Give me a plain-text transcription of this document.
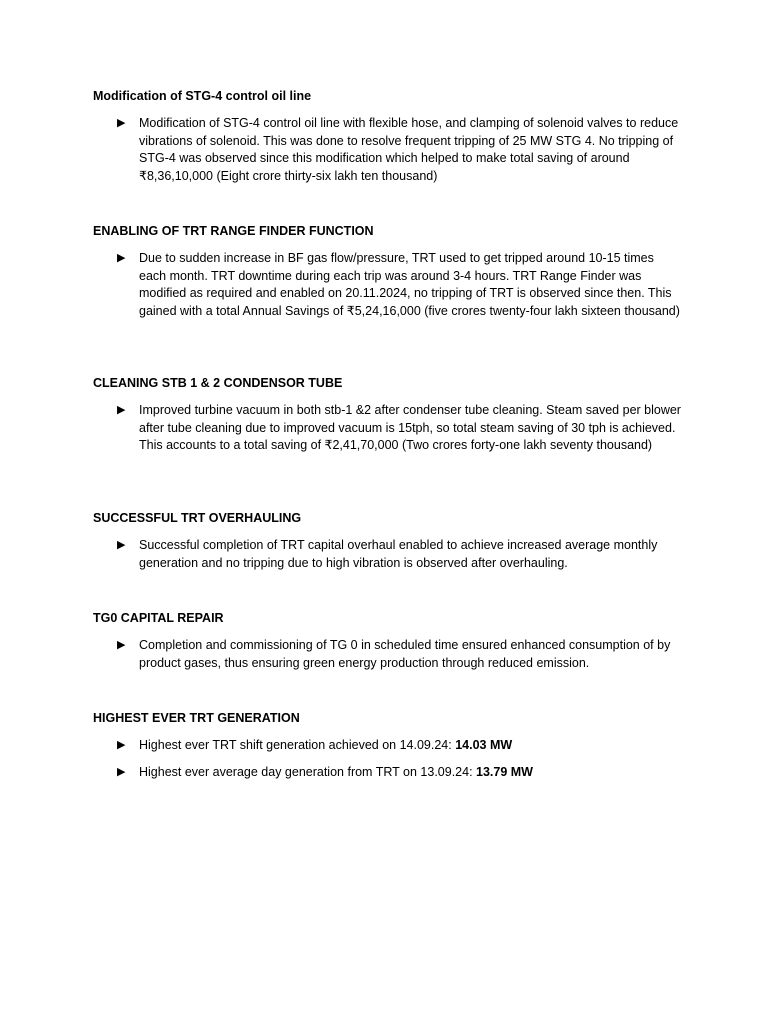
Modification of STG-4 control oil line

▶ Modification of STG-4 control oil line with flexible hose, and clamping of solenoid valves to reduce vibrations of solenoid. This was done to resolve frequent tripping of 25 MW STG 4. No tripping of STG-4 was observed since this modification which helped to make total saving of around ₹8,36,10,000 (Eight crore thirty-six lakh ten thousand)

ENABLING OF TRT RANGE FINDER FUNCTION

▶ Due to sudden increase in BF gas flow/pressure, TRT used to get tripped around 10-15 times each month. TRT downtime during each trip was around 3-4 hours. TRT Range Finder was modified as required and enabled on 20.11.2024, no tripping of TRT is observed since then. This gained with a total Annual Savings of ₹5,24,16,000 (five crores twenty-four lakh sixteen thousand)

CLEANING STB 1 & 2 CONDENSOR TUBE

▶ Improved turbine vacuum in both stb-1 &2 after condenser tube cleaning. Steam saved per blower after tube cleaning due to improved vacuum is 15tph, so total steam saving of 30 tph is achieved. This accounts to a total saving of ₹2,41,70,000 (Two crores forty-one lakh seventy thousand)

SUCCESSFUL TRT OVERHAULING

▶ Successful completion of TRT capital overhaul enabled to achieve increased average monthly generation and no tripping due to high vibration is observed after overhauling.

TG0 CAPITAL REPAIR

▶ Completion and commissioning of TG 0 in scheduled time ensured enhanced consumption of by product gases, thus ensuring green energy production through reduced emission.

HIGHEST EVER TRT GENERATION

▶ Highest ever TRT shift generation achieved on 14.09.24: 14.03 MW
▶ Highest ever average day generation from TRT on 13.09.24: 13.79 MW
